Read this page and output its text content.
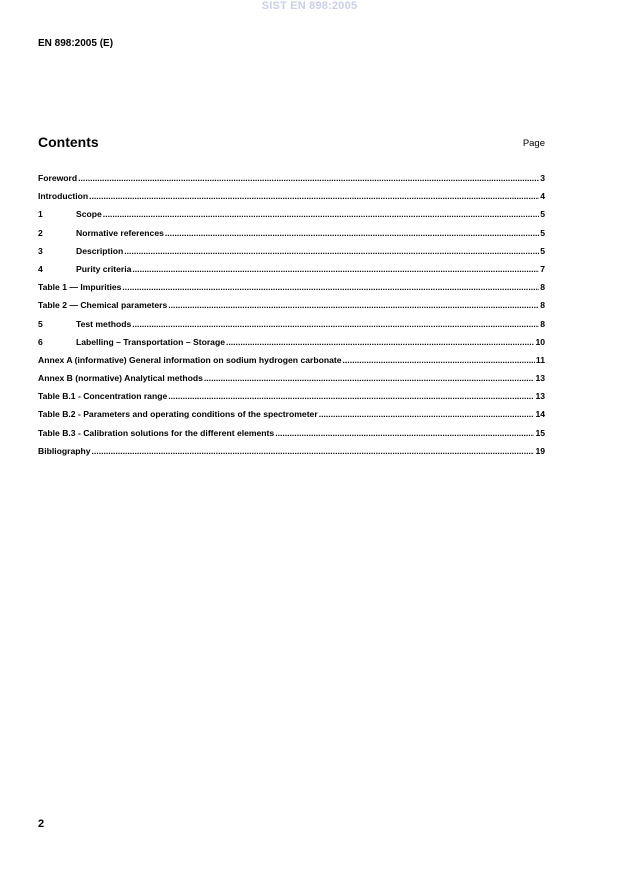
SIST EN 898:2005
EN 898:2005 (E)
Contents	Page
Foreword .....	3
Introduction .....	4
1	Scope .....	5
2	Normative references .....	5
3	Description .....	5
4	Purity criteria .....	7
Table 1 — Impurities .....	8
Table 2 — Chemical parameters .....	8
5	Test methods .....	8
6	Labelling – Transportation – Storage .....	10
Annex A (informative) General information on sodium hydrogen carbonate .....	11
Annex B (normative) Analytical methods .....	13
Table B.1 - Concentration range .....	13
Table B.2 - Parameters and operating conditions of the spectrometer .....	14
Table B.3 - Calibration solutions for the different elements .....	15
Bibliography .....	19
2
